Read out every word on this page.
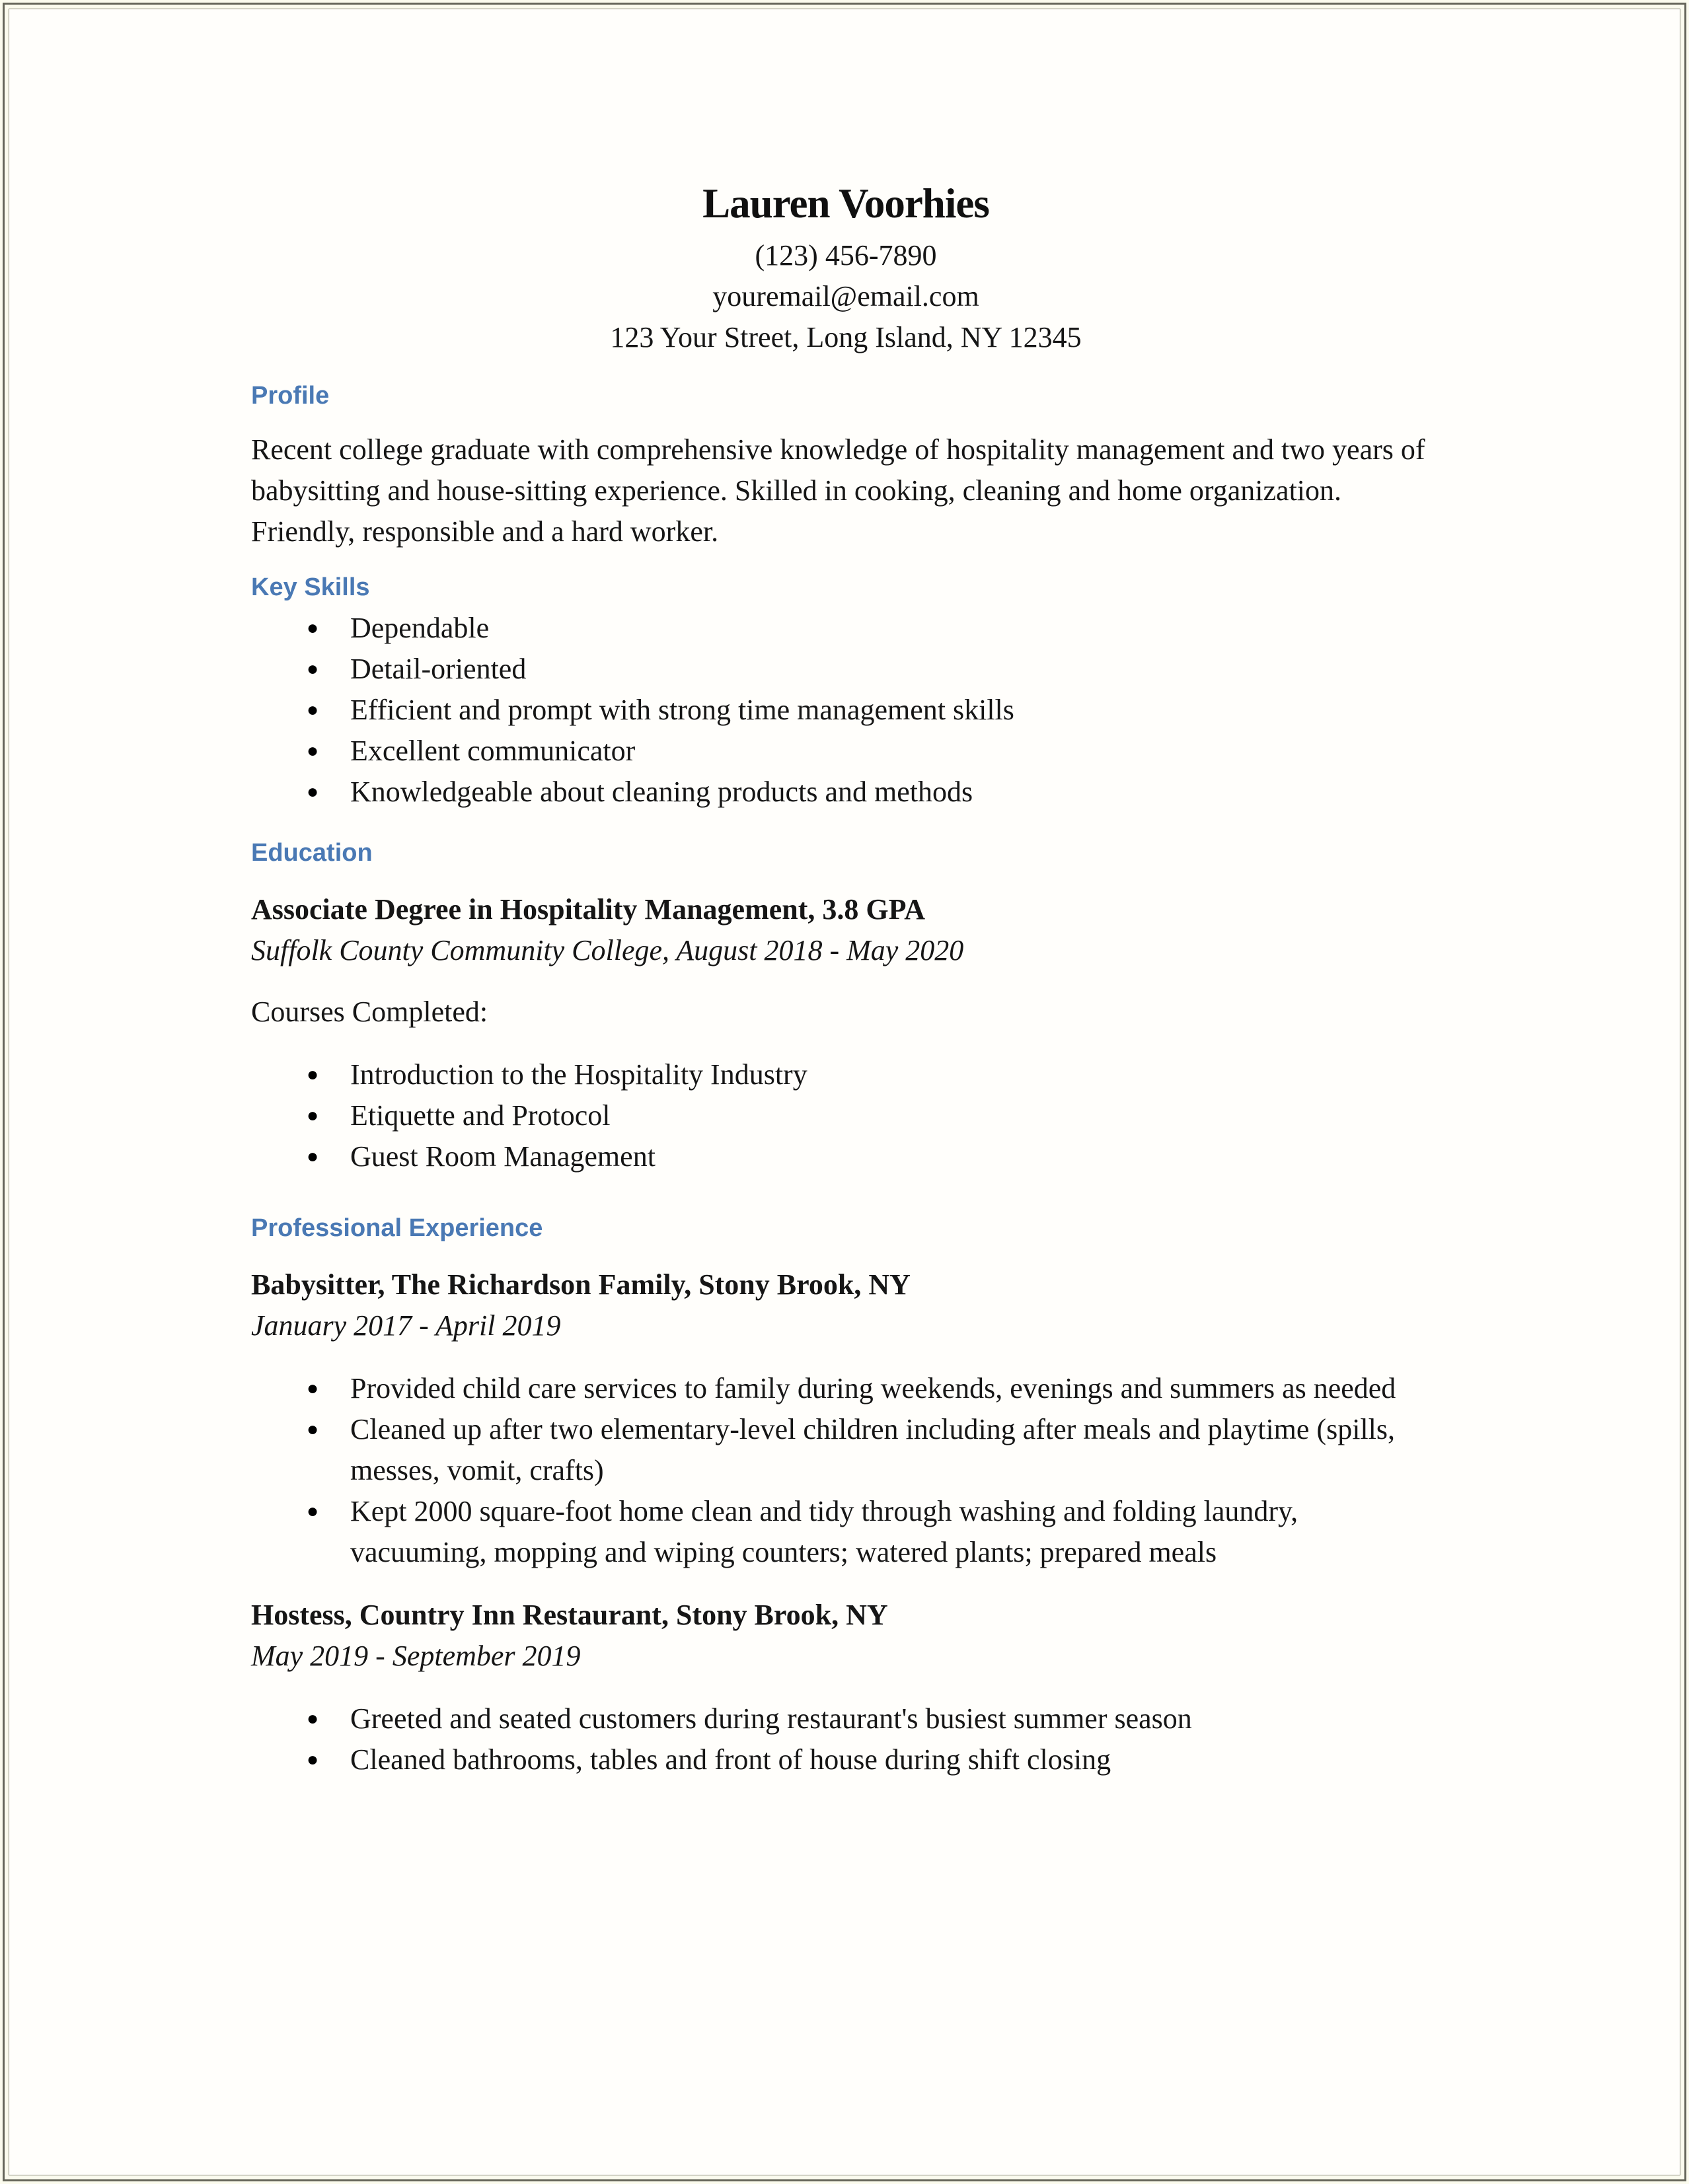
Lauren Voorhies

(123) 456-7890

youremail@email.com

123 Your Street, Long Island, NY 12345

Profile

Recent college graduate with comprehensive knowledge of hospitality management and two years of babysitting and house-sitting experience. Skilled in cooking, cleaning and home organization. Friendly, responsible and a hard worker.

Key Skills
● Dependable
● Detail-oriented
● Efficient and prompt with strong time management skills
● Excellent communicator
● Knowledgeable about cleaning products and methods
Education

Associate Degree in Hospitality Management, 3.8 GPA

Suffolk County Community College, August 2018 - May 2020

Courses Completed:

● Introduction to the Hospitality Industry
● Etiquette and Protocol
● Guest Room Management
Professional Experience

Babysitter, The Richardson Family, Stony Brook, NY

January 2017 - April 2019

● Provided child care services to family during weekends, evenings and summers as needed
● Cleaned up after two elementary-level children including after meals and playtime (spills, messes, vomit, crafts)
● Kept 2000 square-foot home clean and tidy through washing and folding laundry, vacuuming, mopping and wiping counters; watered plants; prepared meals

Hostess, Country Inn Restaurant, Stony Brook, NY

May 2019 - September 2019

● Greeted and seated customers during restaurant's busiest summer season
● Cleaned bathrooms, tables and front of house during shift closing
